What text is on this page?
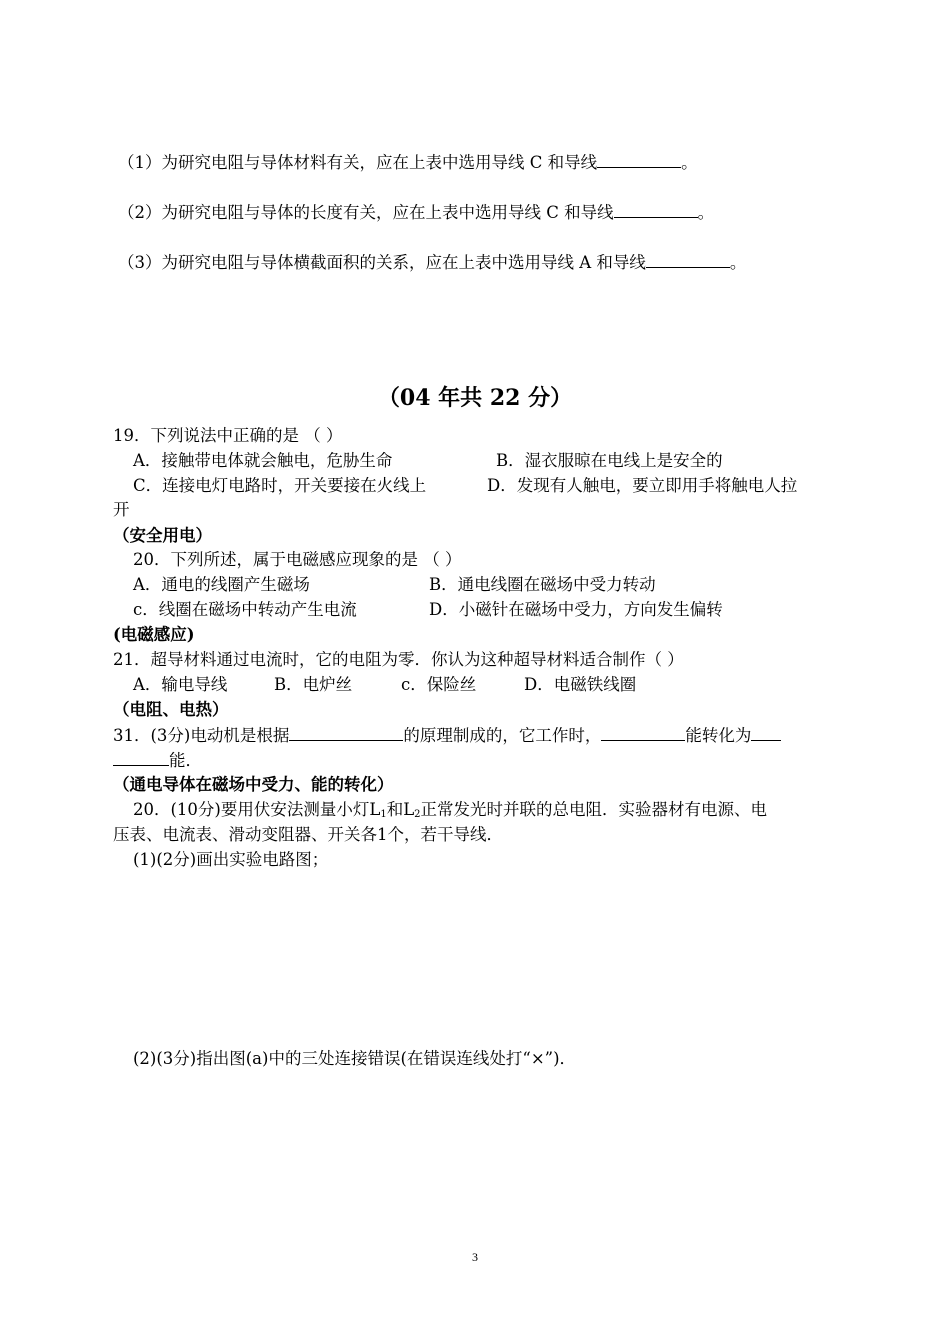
（1）为研究电阻与导体材料有关，应在上表中选用导线 C 和导线	。
（2）为研究电阻与导体的长度有关，应在上表中选用导线 C 和导线	。
（3）为研究电阻与导体横截面积的关系，应在上表中选用导线 A 和导线	。
（04 年共 22 分）
19．下列说法中正确的是 （ ）
A．接触带电体就会触电，危胁生命	B．湿衣服晾在电线上是安全的
C．连接电灯电路时，开关要接在火线上	D．发现有人触电，要立即用手将触电人拉
开
（安全用电）
20．下列所述，属于电磁感应现象的是 （ ）
A．通电的线圈产生磁场	B．通电线圈在磁场中受力转动
c．线圈在磁场中转动产生电流	D．小磁针在磁场中受力，方向发生偏转
(电磁感应)
21．超导材料通过电流时，它的电阻为零．你认为这种超导材料适合制作（ ）
A．输电导线	B．电炉丝	c．保险丝	D．电磁铁线圈
（电阻、电热）
31．(3分)电动机是根据	的原理制成的，它工作时，	能转化为
能．
（通电导体在磁场中受力、能的转化）
20．(10分)要用伏安法测量小灯$L_1$和$L_2$正常发光时并联的总电阻．实验器材有电源、电
压表、电流表、滑动变阻器、开关各1个，若干导线．
(1)(2分)画出实验电路图；
(2)(3分)指出图(a)中的三处连接错误(在错误连线处打“×”)．
3
